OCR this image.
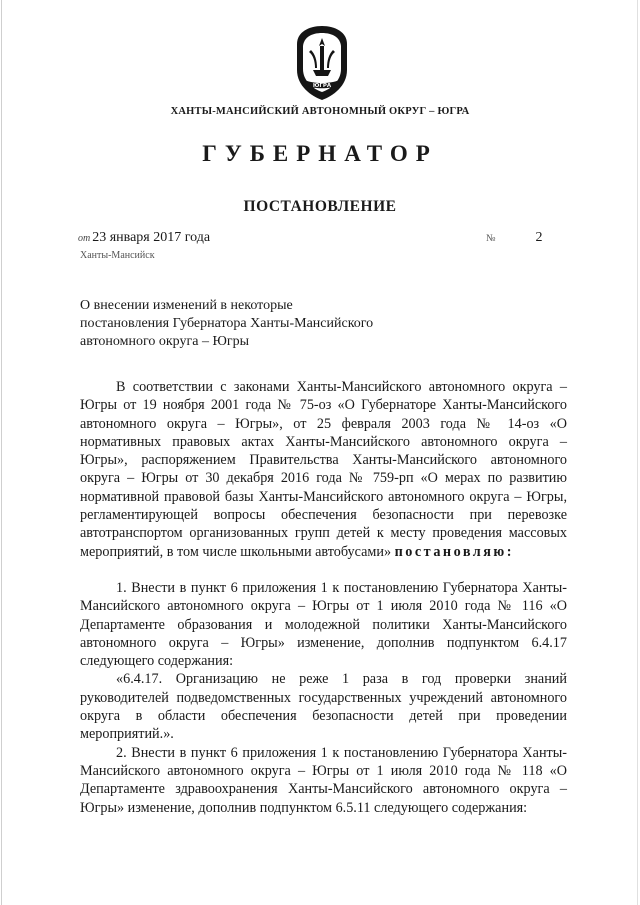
ЮГРА
ХАНТЫ-МАНСИЙСКИЙ АВТОНОМНЫЙ ОКРУГ – ЮГРА
ГУБЕРНАТОР
ПОСТАНОВЛЕНИЕ
от 23 января 2017 года	№	2
Ханты-Мансийск
О внесении изменений в некоторые
постановления Губернатора Ханты-Мансийского
автономного округа – Югры

В соответствии с законами Ханты-Мансийского автономного округа – Югры от 19 ноября 2001 года № 75-оз «О Губернаторе Ханты-Мансийского автономного округа – Югры», от 25 февраля 2003 года № 14-оз «О нормативных правовых актах Ханты-Мансийского автономного округа – Югры», распоряжением Правительства Ханты-Мансийского автономного округа – Югры от 30 декабря 2016 года № 759-рп «О мерах по развитию нормативной правовой базы Ханты-Мансийского автономного округа – Югры, регламентирующей вопросы обеспечения безопасности при перевозке автотранспортом организованных групп детей к месту проведения массовых мероприятий, в том числе школьными автобусами» постановляю:

1. Внести в пункт 6 приложения 1 к постановлению Губернатора Ханты-Мансийского автономного округа – Югры от 1 июля 2010 года № 116 «О Департаменте образования и молодежной политики Ханты-Мансийского автономного округа – Югры» изменение, дополнив подпунктом 6.4.17 следующего содержания:

«6.4.17. Организацию не реже 1 раза в год проверки знаний руководителей подведомственных государственных учреждений автономного округа в области обеспечения безопасности детей при проведении мероприятий.».

2. Внести в пункт 6 приложения 1 к постановлению Губернатора Ханты-Мансийского автономного округа – Югры от 1 июля 2010 года № 118 «О Департаменте здравоохранения Ханты-Мансийского автономного округа – Югры» изменение, дополнив подпунктом 6.5.11 следующего содержания:
